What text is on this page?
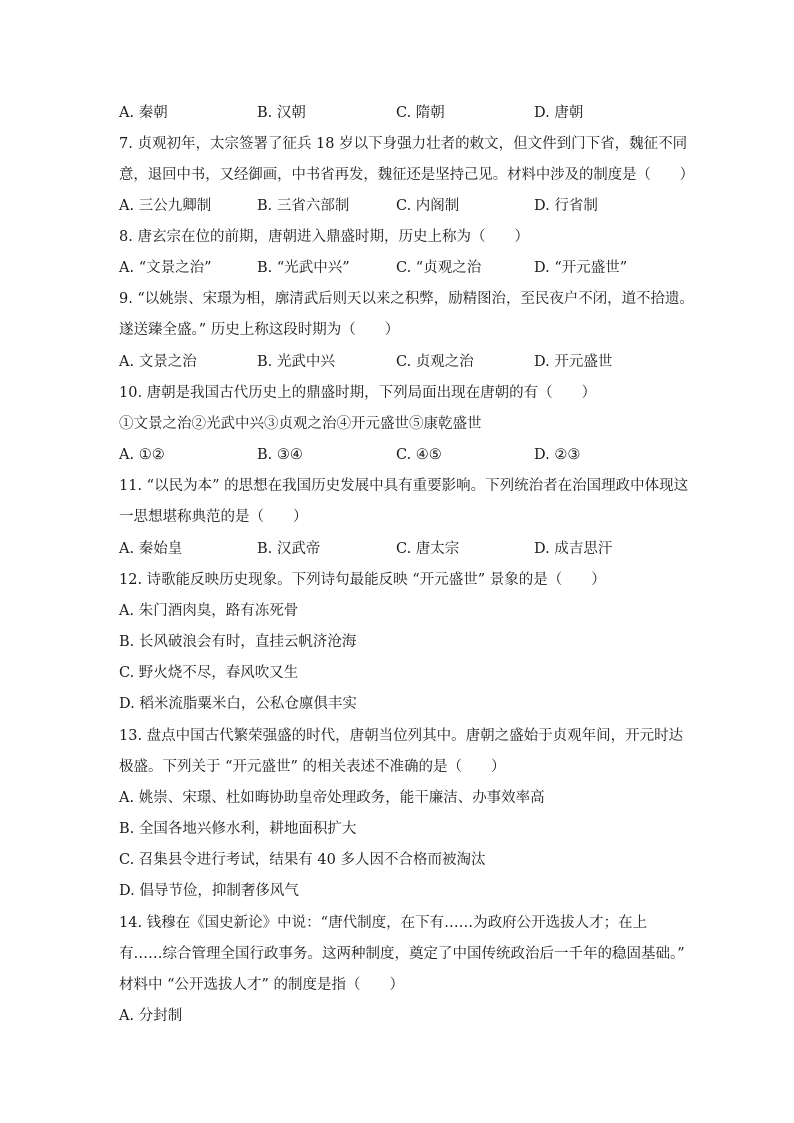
A. 秦朝	B. 汉朝	C. 隋朝	D. 唐朝
7. 贞观初年，太宗签署了征兵 18 岁以下身强力壮者的敕文，但文件到门下省，魏征不同
意，退回中书，又经御画，中书省再发，魏征还是坚持己见。材料中涉及的制度是（　　）
A. 三公九卿制	B. 三省六部制	C. 内阁制	D. 行省制
8. 唐玄宗在位的前期，唐朝进入鼎盛时期，历史上称为（　　）
A. “文景之治”	B. “光武中兴”	C. “贞观之治	D. “开元盛世”
9. “以姚崇、宋璟为相，廓清武后则天以来之积弊，励精图治，至民夜户不闭，道不拾遗。
遂送臻全盛。” 历史上称这段时期为（　　）
A. 文景之治	B. 光武中兴	C. 贞观之治	D. 开元盛世
10. 唐朝是我国古代历史上的鼎盛时期，下列局面出现在唐朝的有（　　）
①文景之治②光武中兴③贞观之治④开元盛世⑤康乾盛世
A. ①②	B. ③④	C. ④⑤	D. ②③
11. “以民为本” 的思想在我国历史发展中具有重要影响。下列统治者在治国理政中体现这
一思想堪称典范的是（　　）
A. 秦始皇	B. 汉武帝	C. 唐太宗	D. 成吉思汗
12. 诗歌能反映历史现象。下列诗句最能反映 “开元盛世” 景象的是（　　）
A. 朱门酒肉臭，路有冻死骨
B. 长风破浪会有时，直挂云帆济沧海
C. 野火烧不尽，春风吹又生
D. 稻米流脂粟米白，公私仓廪俱丰实
13. 盘点中国古代繁荣强盛的时代，唐朝当位列其中。唐朝之盛始于贞观年间，开元时达
极盛。下列关于 “开元盛世” 的相关表述不准确的是（　　）
A. 姚崇、宋璟、杜如晦协助皇帝处理政务，能干廉洁、办事效率高
B. 全国各地兴修水利，耕地面积扩大
C. 召集县令进行考试，结果有 40 多人因不合格而被淘汰
D. 倡导节俭，抑制奢侈风气
14. 钱穆在《国史新论》中说：“唐代制度，在下有……为政府公开选拔人才；在上
有……综合管理全国行政事务。这两种制度，奠定了中国传统政治后一千年的稳固基础。”
材料中 “公开选拔人才” 的制度是指（　　）
A. 分封制
